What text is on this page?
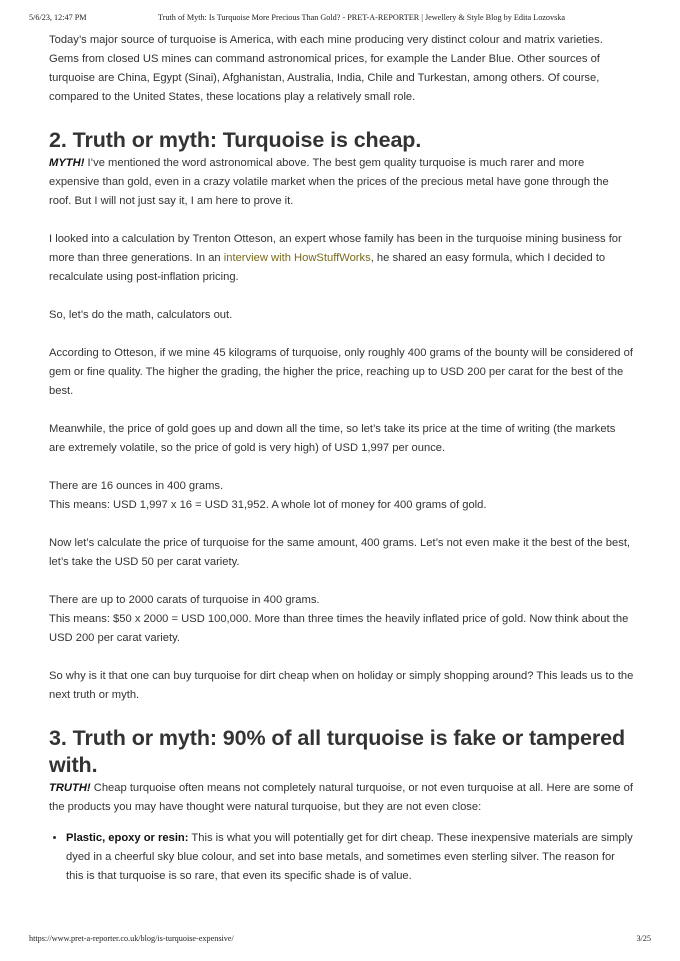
5/6/23, 12:47 PM	Truth of Myth: Is Turquoise More Precious Than Gold? - PRET-A-REPORTER | Jewellery & Style Blog by Edita Lozovska

Today’s major source of turquoise is America, with each mine producing very distinct colour and matrix varieties. Gems from closed US mines can command astronomical prices, for example the Lander Blue. Other sources of turquoise are China, Egypt (Sinai), Afghanistan, Australia, India, Chile and Turkestan, among others. Of course, compared to the United States, these locations play a relatively small role.

2. Truth or myth: Turquoise is cheap.

MYTH! I’ve mentioned the word astronomical above. The best gem quality turquoise is much rarer and more expensive than gold, even in a crazy volatile market when the prices of the precious metal have gone through the roof. But I will not just say it, I am here to prove it.

I looked into a calculation by Trenton Otteson, an expert whose family has been in the turquoise mining business for more than three generations. In an interview with HowStuffWorks, he shared an easy formula, which I decided to recalculate using post-inflation pricing.

So, let’s do the math, calculators out.

According to Otteson, if we mine 45 kilograms of turquoise, only roughly 400 grams of the bounty will be considered of gem or fine quality. The higher the grading, the higher the price, reaching up to USD 200 per carat for the best of the best.

Meanwhile, the price of gold goes up and down all the time, so let’s take its price at the time of writing (the markets are extremely volatile, so the price of gold is very high) of USD 1,997 per ounce.

There are 16 ounces in 400 grams.

This means: USD 1,997 x 16 = USD 31,952. A whole lot of money for 400 grams of gold.

Now let’s calculate the price of turquoise for the same amount, 400 grams. Let’s not even make it the best of the best, let’s take the USD 50 per carat variety.

There are up to 2000 carats of turquoise in 400 grams.

This means: $50 x 2000 = USD 100,000. More than three times the heavily inflated price of gold. Now think about the USD 200 per carat variety.

So why is it that one can buy turquoise for dirt cheap when on holiday or simply shopping around? This leads us to the next truth or myth.

3. Truth or myth: 90% of all turquoise is fake or tampered with.

TRUTH! Cheap turquoise often means not completely natural turquoise, or not even turquoise at all. Here are some of the products you may have thought were natural turquoise, but they are not even close:

• Plastic, epoxy or resin: This is what you will potentially get for dirt cheap. These inexpensive materials are simply dyed in a cheerful sky blue colour, and set into base metals, and sometimes even sterling silver. The reason for this is that turquoise is so rare, that even its specific shade is of value.
https://www.pret-a-reporter.co.uk/blog/is-turquoise-expensive/	3/25
